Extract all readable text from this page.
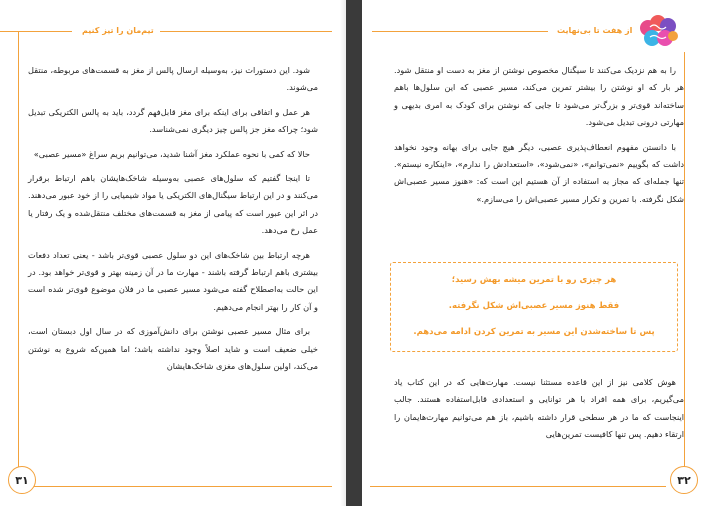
تیم‌مان را تیز کنیم

شود. این دستورات نیز، به‌وسیله ارسال پالس از مغز به قسمت‌های مربوطه، منتقل می‌شوند.

هر عمل و اتفاقی برای اینکه برای مغز قابل‌فهم گردد، باید به پالس الکتریکی تبدیل شود؛ چراکه مغز جز پالس چیز دیگری نمی‌شناسد.

حالا که کمی با نحوه عملکرد مغز آشنا شدید، می‌توانیم بریم سراغ «مسیر عصبی»

تا اینجا گفتیم که سلول‌های عصبی به‌وسیله شاخک‌هایشان باهم ارتباط برقرار می‌کنند و در این ارتباط سیگنال‌های الکتریکی یا مواد شیمیایی را از خود عبور می‌دهند. در اثر این عبور است که پیامی از مغز به قسمت‌های مختلف منتقل‌شده و یک رفتار یا عمل رخ می‌دهد.

هرچه ارتباط بین شاخک‌های این دو سلول عصبی قوی‌تر باشد - یعنی تعداد دفعات بیشتری باهم ارتباط گرفته باشند - مهارت ما در آن زمینه بهتر و قوی‌تر خواهد بود. در این حالت به‌اصطلاح گفته می‌شود مسیر عصبی ما در فلان موضوع قوی‌تر شده است و آن کار را بهتر انجام می‌دهیم.

برای مثال مسیر عصبی نوشتن برای دانش‌آموزی که در سال اول دبستان است، خیلی ضعیف است و شاید اصلاً وجود نداشته باشد؛ اما همین‌که شروع به نوشتن می‌کند، اولین سلول‌های مغزی شاخک‌هایشان

۳۱
از هفت تا بی‌نهایت

را به هم نزدیک می‌کنند تا سیگنال مخصوص نوشتن از مغز به دست او منتقل شود. هر بار که او نوشتن را بیشتر تمرین می‌کند، مسیر عصبی که این سلول‌ها باهم ساخته‌اند قوی‌تر و بزرگ‌تر می‌شود تا جایی که نوشتن برای کودک به امری بدیهی و مهارتی درونی تبدیل می‌شود.

با دانستن مفهوم انعطاف‌پذیری عصبی، دیگر هیچ جایی برای بهانه وجود نخواهد داشت که بگوییم «نمی‌توانم»، «نمی‌شود»، «استعدادش را ندارم»، «اینکاره نیستم». تنها جمله‌ای که مجاز به استفاده از آن هستیم این است که: «هنوز مسیر عصبی‌اش شکل نگرفته. با تمرین و تکرار مسیر عصبی‌اش را می‌سازم.»

هر چیزی رو با تمرین میشه بهش رسید؛
فقط هنوز مسیر عصبی‌اش شکل نگرفته.
پس تا ساخته‌شدن این مسیر به تمرین کردن ادامه می‌دهم.

هوش کلامی نیز از این قاعده مستثنا نیست. مهارت‌هایی که در این کتاب یاد می‌گیریم، برای همه افراد با هر توانایی و استعدادی قابل‌استفاده هستند. جالب اینجاست که ما در هر سطحی قرار داشته باشیم، باز هم می‌توانیم مهارت‌هایمان را ارتقاء دهیم. پس تنها کافیست تمرین‌هایی

۳۲
